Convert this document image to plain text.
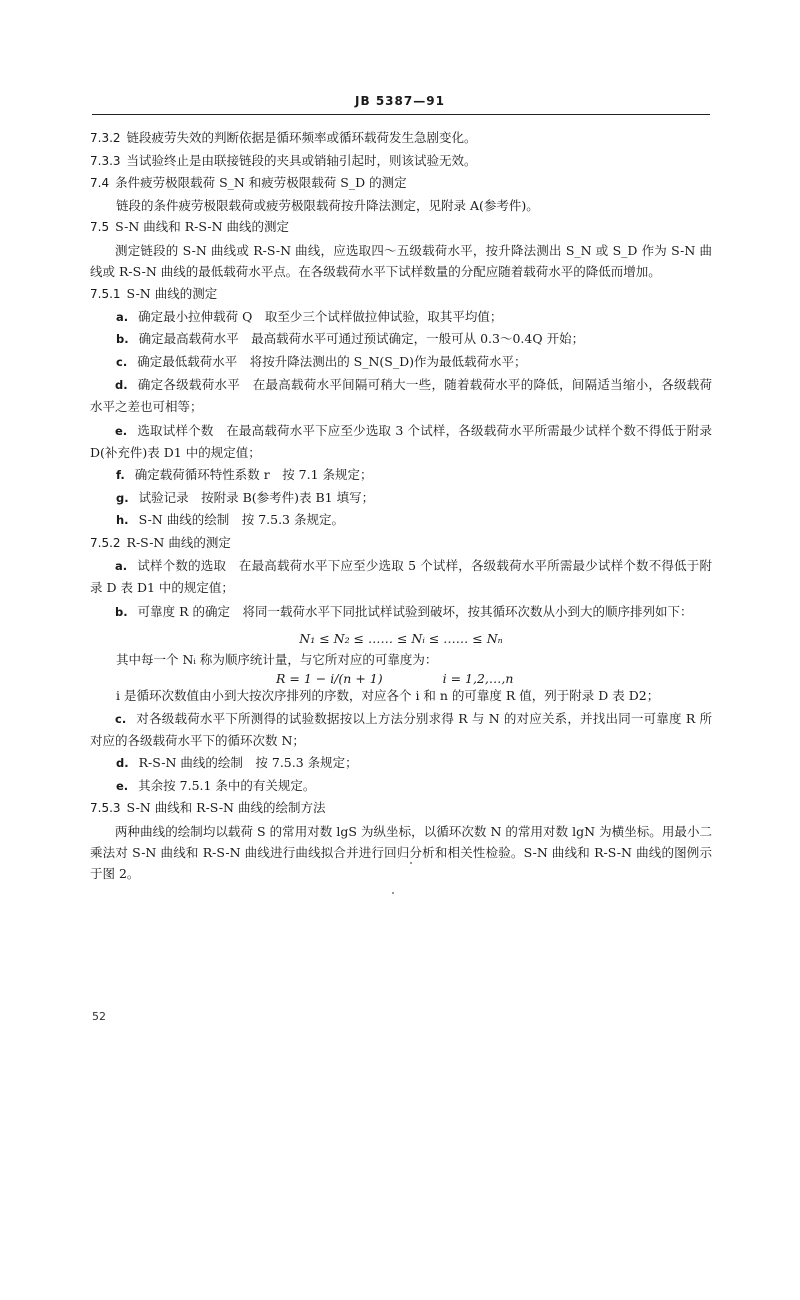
JB 5387—91
7.3.2 链段疲劳失效的判断依据是循环频率或循环载荷发生急剧变化。
7.3.3 当试验终止是由联接链段的夹具或销轴引起时，则该试验无效。
7.4 条件疲劳极限载荷 S_N 和疲劳极限载荷 S_D 的测定
链段的条件疲劳极限载荷或疲劳极限载荷按升降法测定，见附录 A(参考件)。
7.5 S-N 曲线和 R-S-N 曲线的测定
测定链段的 S-N 曲线或 R-S-N 曲线，应选取四～五级载荷水平，按升降法测出 S_N 或 S_D 作为 S-N 曲线或 R-S-N 曲线的最低载荷水平点。在各级载荷水平下试样数量的分配应随着载荷水平的降低而增加。
7.5.1 S-N 曲线的测定
a. 确定最小拉伸载荷 Q　取至少三个试样做拉伸试验，取其平均值；
b. 确定最高载荷水平　最高载荷水平可通过预试确定，一般可从 0.3～0.4Q 开始；
c. 确定最低载荷水平　将按升降法测出的 S_N(S_D)作为最低载荷水平；
d. 确定各级载荷水平　在最高载荷水平间隔可稍大一些，随着载荷水平的降低，间隔适当缩小，各级载荷水平之差也可相等；
e. 选取试样个数　在最高载荷水平下应至少选取 3 个试样，各级载荷水平所需最少试样个数不得低于附录 D(补充件)表 D1 中的规定值；
f. 确定载荷循环特性系数 r　按 7.1 条规定；
g. 试验记录　按附录 B(参考件)表 B1 填写；
h. S-N 曲线的绘制　按 7.5.3 条规定。
7.5.2 R-S-N 曲线的测定
a. 试样个数的选取　在最高载荷水平下应至少选取 5 个试样，各级载荷水平所需最少试样个数不得低于附录 D 表 D1 中的规定值；
b. 可靠度 R 的确定　将同一载荷水平下同批试样试验到破坏，按其循环次数从小到大的顺序排列如下：
N₁ ≤ N₂ ≤ …… ≤ Nᵢ ≤ …… ≤ Nₙ
其中每一个 Nᵢ 称为顺序统计量，与它所对应的可靠度为：
R = 1 − i/(n + 1)	i = 1,2,…,n
i 是循环次数值由小到大按次序排列的序数，对应各个 i 和 n 的可靠度 R 值，列于附录 D 表 D2；
c. 对各级载荷水平下所测得的试验数据按以上方法分别求得 R 与 N 的对应关系，并找出同一可靠度 R 所对应的各级载荷水平下的循环次数 N；
d. R-S-N 曲线的绘制　按 7.5.3 条规定；
e. 其余按 7.5.1 条中的有关规定。
7.5.3 S-N 曲线和 R-S-N 曲线的绘制方法
两种曲线的绘制均以载荷 S 的常用对数 lgS 为纵坐标，以循环次数 N 的常用对数 lgN 为横坐标。用最小二乘法对 S-N 曲线和 R-S-N 曲线进行曲线拟合并进行回归分析和相关性检验。S-N 曲线和 R-S-N 曲线的图例示于图 2。
52
